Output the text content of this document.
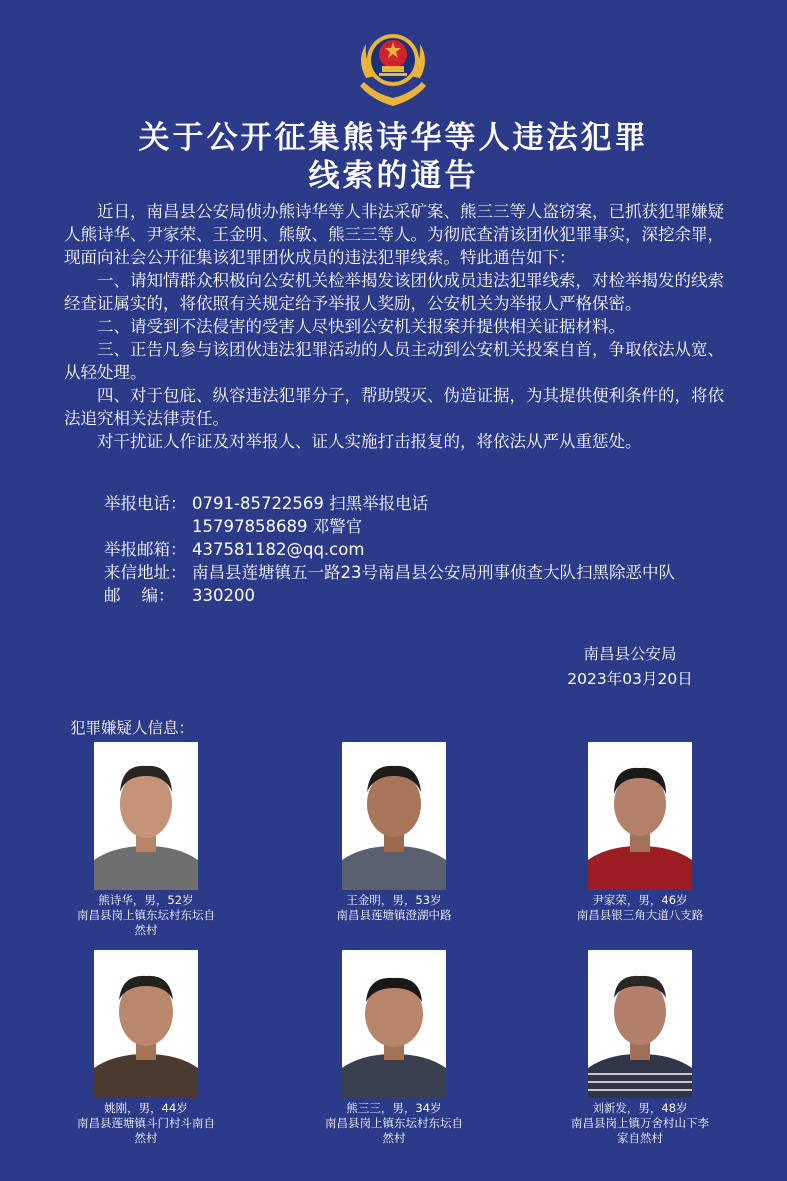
关于公开征集熊诗华等人违法犯罪
线索的通告

近日，南昌县公安局侦办熊诗华等人非法采矿案、熊三三等人盗窃案，已抓获犯罪嫌疑人熊诗华、尹家荣、王金明、熊敏、熊三三等人。为彻底查清该团伙犯罪事实，深挖余罪，现面向社会公开征集该犯罪团伙成员的违法犯罪线索。特此通告如下：

一、请知情群众积极向公安机关检举揭发该团伙成员违法犯罪线索，对检举揭发的线索经查证属实的，将依照有关规定给予举报人奖励，公安机关为举报人严格保密。

二、请受到不法侵害的受害人尽快到公安机关报案并提供相关证据材料。

三、正告凡参与该团伙违法犯罪活动的人员主动到公安机关投案自首，争取依法从宽、从轻处理。

四、对于包庇、纵容违法犯罪分子，帮助毁灭、伪造证据，为其提供便利条件的，将依法追究相关法律责任。

对干扰证人作证及对举报人、证人实施打击报复的，将依法从严从重惩处。

举报电话： 0791-85722569 扫黑举报电话
15797858689 邓警官
举报邮箱： 437581182@qq.com
来信地址： 南昌县莲塘镇五一路23号南昌县公安局刑事侦查大队扫黑除恶中队
邮    编：	330200
南昌县公安局
2023年03月20日
犯罪嫌疑人信息：
熊诗华，男，52岁
南昌县岗上镇东坛村东坛自
然村
王金明，男，53岁
南昌县莲塘镇澄湖中路
尹家荣，男，46岁
南昌县银三角大道八支路
姚刚，男，44岁
南昌县莲塘镇斗门村斗南自
然村
熊三三，男，34岁
南昌县岗上镇东坛村东坛自
然村
刘新发，男，48岁
南昌县岗上镇万舍村山下李
家自然村
